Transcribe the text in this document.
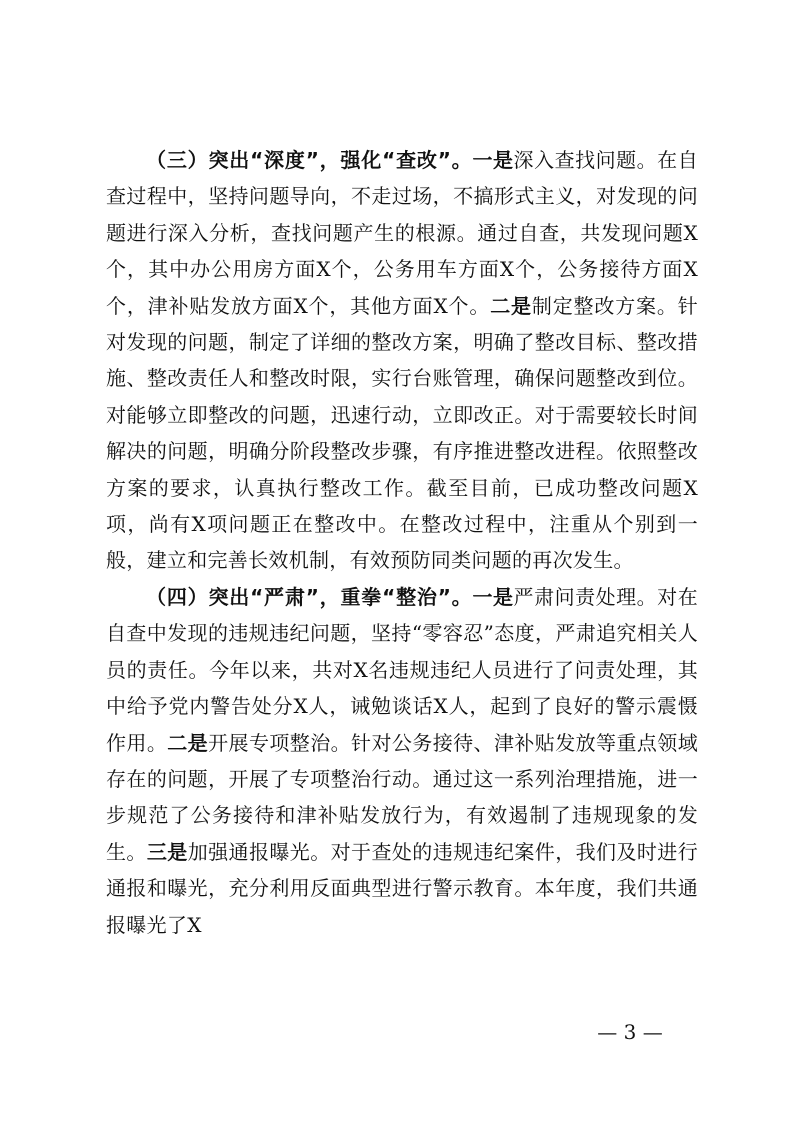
（三）突出“深度”，强化“查改”。一是深入查找问题。在自查过程中，坚持问题导向，不走过场，不搞形式主义，对发现的问题进行深入分析，查找问题产生的根源。通过自查，共发现问题X个，其中办公用房方面X个，公务用车方面X个，公务接待方面X个，津补贴发放方面X个，其他方面X个。二是制定整改方案。针对发现的问题，制定了详细的整改方案，明确了整改目标、整改措施、整改责任人和整改时限，实行台账管理，确保问题整改到位。对能够立即整改的问题，迅速行动，立即改正。对于需要较长时间解决的问题，明确分阶段整改步骤，有序推进整改进程。依照整改方案的要求，认真执行整改工作。截至目前，已成功整改问题X项，尚有X项问题正在整改中。在整改过程中，注重从个别到一般，建立和完善长效机制，有效预防同类问题的再次发生。

（四）突出“严肃”，重拳“整治”。一是严肃问责处理。对在自查中发现的违规违纪问题，坚持“零容忍”态度，严肃追究相关人员的责任。今年以来，共对X名违规违纪人员进行了问责处理，其中给予党内警告处分X人，诫勉谈话X人，起到了良好的警示震慑作用。二是开展专项整治。针对公务接待、津补贴发放等重点领域存在的问题，开展了专项整治行动。通过这一系列治理措施，进一步规范了公务接待和津补贴发放行为，有效遏制了违规现象的发生。三是加强通报曝光。对于查处的违规违纪案件，我们及时进行通报和曝光，充分利用反面典型进行警示教育。本年度，我们共通报曝光了X

— 3 —
